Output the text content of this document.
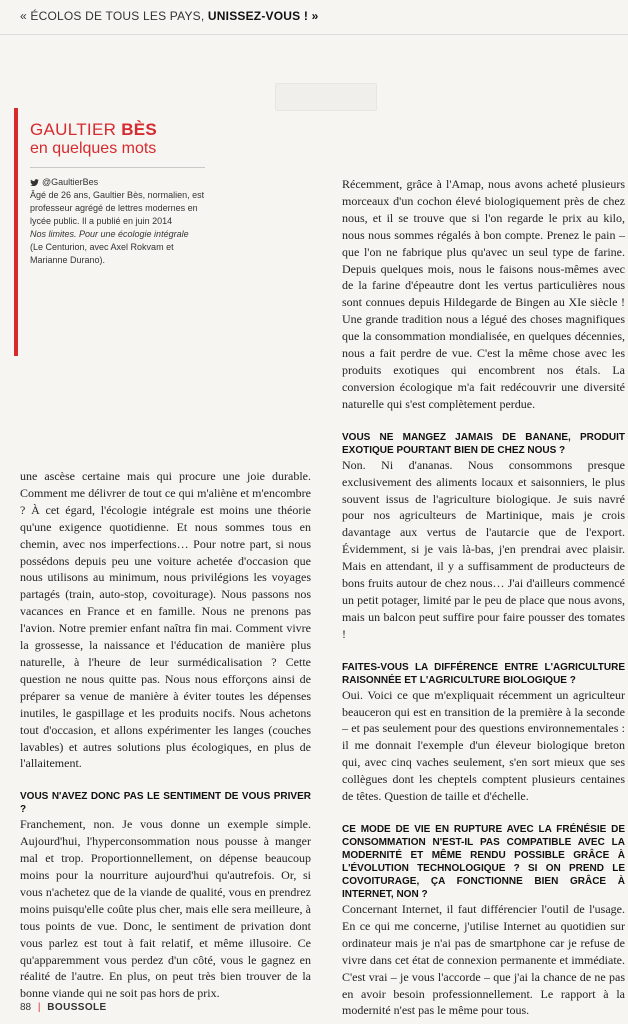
« ÉCOLOS DE TOUS LES PAYS, UNISSEZ-VOUS ! »
GAULTIER BÈS
en quelques mots
@GaultierBes
Âgé de 26 ans, Gaultier Bès, normalien, est professeur agrégé de lettres modernes en lycée public. Il a publié en juin 2014
Nos limites. Pour une écologie intégrale
(Le Centurion, avec Axel Rokvam et Marianne Durano).

Récemment, grâce à l'Amap, nous avons acheté plusieurs morceaux d'un cochon élevé biologiquement près de chez nous, et il se trouve que si l'on regarde le prix au kilo, nous nous sommes régalés à bon compte. Prenez le pain – que l'on ne fabrique plus qu'avec un seul type de farine. Depuis quelques mois, nous le faisons nous-mêmes avec de la farine d'épeautre dont les vertus particulières nous sont connues depuis Hildegarde de Bingen au XIe siècle ! Une grande tradition nous a légué des choses magnifiques que la consommation mondialisée, en quelques décennies, nous a fait perdre de vue. C'est la même chose avec les produits exotiques qui encombrent nos étals. La conversion écologique m'a fait redécouvrir une diversité naturelle qui s'est complètement perdue.

VOUS NE MANGEZ JAMAIS DE BANANE, PRODUIT EXOTIQUE POURTANT BIEN DE CHEZ NOUS ?

Non. Ni d'ananas. Nous consommons presque exclusivement des aliments locaux et saisonniers, le plus souvent issus de l'agriculture biologique. Je suis navré pour nos agriculteurs de Martinique, mais je crois davantage aux vertus de l'autarcie que de l'export. Évidemment, si je vais là-bas, j'en prendrai avec plaisir. Mais en attendant, il y a suffisamment de producteurs de bons fruits autour de chez nous… J'ai d'ailleurs commencé un petit potager, limité par le peu de place que nous avons, mais un balcon peut suffire pour faire pousser des tomates !

FAITES-VOUS LA DIFFÉRENCE ENTRE L'AGRICULTURE RAISONNÉE ET L'AGRICULTURE BIOLOGIQUE ?

Oui. Voici ce que m'expliquait récemment un agriculteur beauceron qui est en transition de la première à la seconde – et pas seulement pour des questions environnementales : il me donnait l'exemple d'un éleveur biologique breton qui, avec cinq vaches seulement, s'en sort mieux que ses collègues dont les cheptels comptent plusieurs centaines de têtes. Question de taille et d'échelle.

CE MODE DE VIE EN RUPTURE AVEC LA FRÉNÉSIE DE CONSOMMATION N'EST-IL PAS COMPATIBLE AVEC LA MODERNITÉ ET MÊME RENDU POSSIBLE GRÂCE À L'ÉVOLUTION TECHNOLOGIQUE ? SI ON PREND LE COVOITURAGE, ÇA FONCTIONNE BIEN GRÂCE À INTERNET, NON ?

Concernant Internet, il faut différencier l'outil de l'usage. En ce qui me concerne, j'utilise Internet au quotidien sur ordinateur mais je n'ai pas de smartphone car je refuse de vivre dans cet état de connexion permanente et immédiate. C'est vrai – je vous l'accorde – que j'ai la chance de ne pas en avoir besoin professionnellement. Le rapport à la modernité n'est pas le même pour tous.

une ascèse certaine mais qui procure une joie durable. Comment me délivrer de tout ce qui m'aliène et m'encombre ? À cet égard, l'écologie intégrale est moins une théorie qu'une exigence quotidienne. Et nous sommes tous en chemin, avec nos imperfections… Pour notre part, si nous possédons depuis peu une voiture achetée d'occasion que nous utilisons au minimum, nous privilégions les voyages partagés (train, auto-stop, covoiturage). Nous passons nos vacances en France et en famille. Nous ne prenons pas l'avion. Notre premier enfant naîtra fin mai. Comment vivre la grossesse, la naissance et l'éducation de manière plus naturelle, à l'heure de leur surmédicalisation ? Cette question ne nous quitte pas. Nous nous efforçons ainsi de préparer sa venue de manière à éviter toutes les dépenses inutiles, le gaspillage et les produits nocifs. Nous achetons tout d'occasion, et allons expérimenter les langes (couches lavables) et autres solutions plus écologiques, en plus de l'allaitement.

VOUS N'AVEZ DONC PAS LE SENTIMENT DE VOUS PRIVER ?

Franchement, non. Je vous donne un exemple simple. Aujourd'hui, l'hyperconsommation nous pousse à manger mal et trop. Proportionnellement, on dépense beaucoup moins pour la nourriture aujourd'hui qu'autrefois. Or, si vous n'achetez que de la viande de qualité, vous en prendrez moins puisqu'elle coûte plus cher, mais elle sera meilleure, à tous points de vue. Donc, le sentiment de privation dont vous parlez est tout à fait relatif, et même illusoire. Ce qu'apparemment vous perdez d'un côté, vous le gagnez en réalité de l'autre. En plus, on peut très bien trouver de la bonne viande qui ne soit pas hors de prix.

88 | BOUSSOLE
